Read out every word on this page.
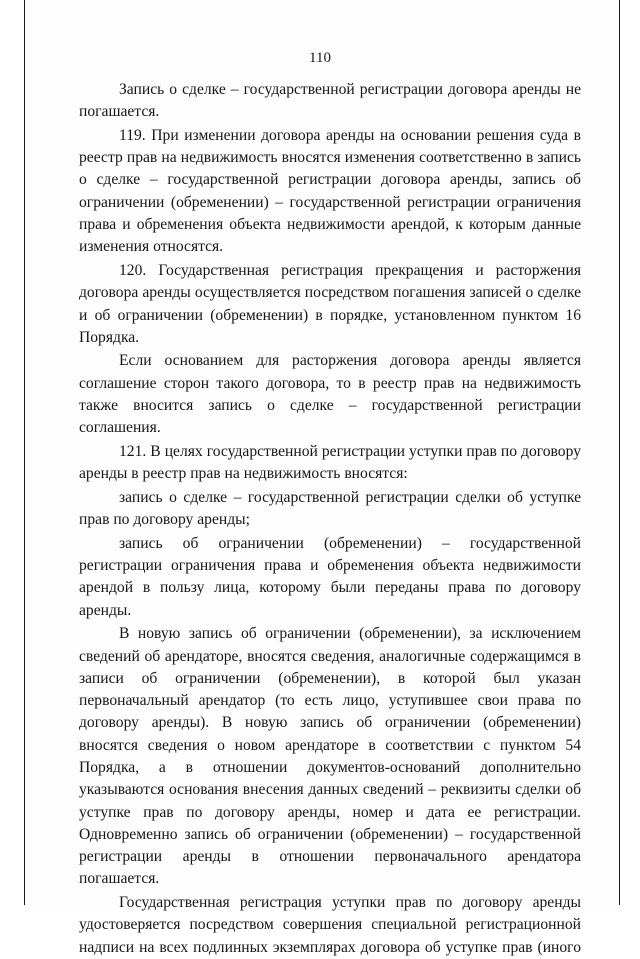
110

Запись о сделке – государственной регистрации договора аренды не погашается.

119. При изменении договора аренды на основании решения суда в реестр прав на недвижимость вносятся изменения соответственно в запись о сделке – государственной регистрации договора аренды, запись об ограничении (обременении) – государственной регистрации ограничения права и обременения объекта недвижимости арендой, к которым данные изменения относятся.

120. Государственная регистрация прекращения и расторжения договора аренды осуществляется посредством погашения записей о сделке и об ограничении (обременении) в порядке, установленном пунктом 16 Порядка.

Если основанием для расторжения договора аренды является соглашение сторон такого договора, то в реестр прав на недвижимость также вносится запись о сделке – государственной регистрации соглашения.

121. В целях государственной регистрации уступки прав по договору аренды в реестр прав на недвижимость вносятся:

запись о сделке – государственной регистрации сделки об уступке прав по договору аренды;

запись об ограничении (обременении) – государственной регистрации ограничения права и обременения объекта недвижимости арендой в пользу лица, которому были переданы права по договору аренды.

В новую запись об ограничении (обременении), за исключением сведений об арендаторе, вносятся сведения, аналогичные содержащимся в записи об ограничении (обременении), в которой был указан первоначальный арендатор (то есть лицо, уступившее свои права по договору аренды). В новую запись об ограничении (обременении) вносятся сведения о новом арендаторе в соответствии с пунктом 54 Порядка, а в отношении документов-оснований дополнительно указываются основания внесения данных сведений – реквизиты сделки об уступке прав по договору аренды, номер и дата ее регистрации. Одновременно запись об ограничении (обременении) – государственной регистрации аренды в отношении первоначального арендатора погашается.

Государственная регистрация уступки прав по договору аренды удостоверяется посредством совершения специальной регистрационной надписи на всех подлинных экземплярах договора об уступке прав (иного
